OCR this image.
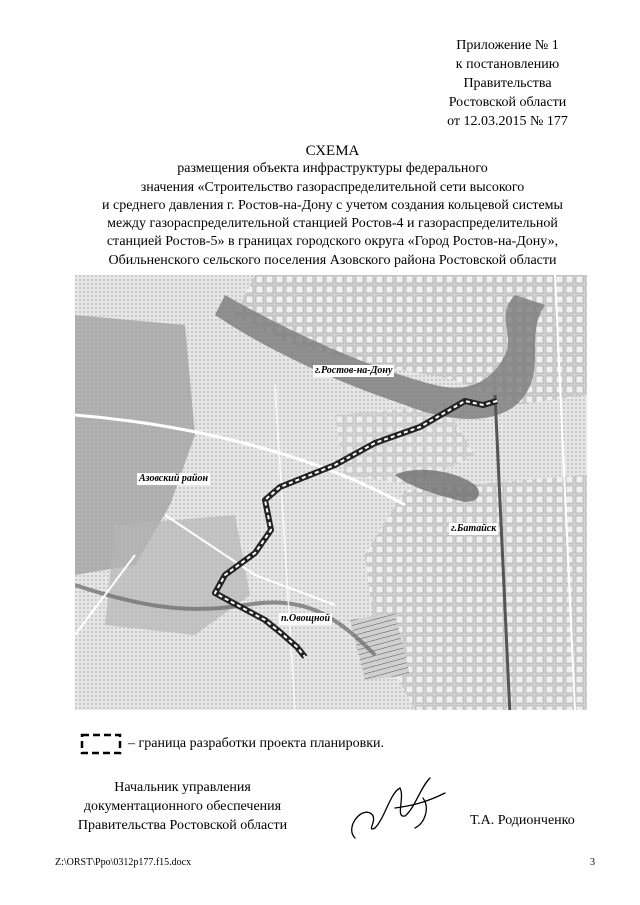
Приложение № 1
к постановлению
Правительства
Ростовской области
от 12.03.2015 № 177
СХЕМА
размещения объекта инфраструктуры федерального
значения «Строительство газораспределительной сети высокого
и среднего давления г. Ростов-на-Дону с учетом создания кольцевой системы
между газораспределительной станцией Ростов-4 и газораспределительной
станцией Ростов-5» в границах городского округа «Город Ростов-на-Дону»,
Обильненского сельского поселения Азовского района Ростовской области
г.Ростов-на-Дону
Азовский район
г.Батайск
п.Овощной
– граница разработки проекта планировки.
Начальник управления
документационного обеспечения
Правительства Ростовской области	Т.А. Родионченко
Z:\ORST\Ppo\0312p177.f15.docx	3
